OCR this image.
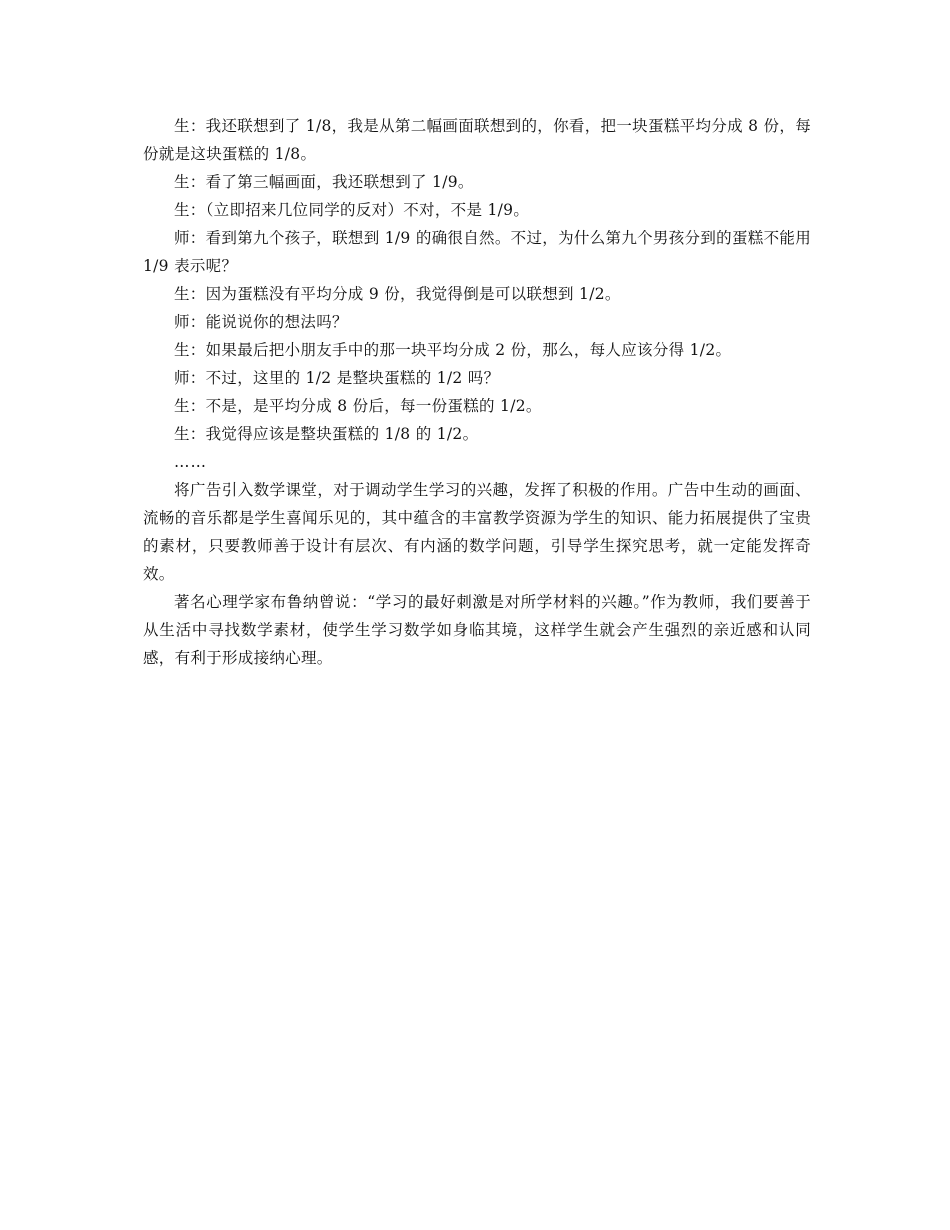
生：我还联想到了 1/8，我是从第二幅画面联想到的，你看，把一块蛋糕平均分成 8 份，每份就是这块蛋糕的 1/8。

生：看了第三幅画面，我还联想到了 1/9。

生：（立即招来几位同学的反对）不对，不是 1/9。

师：看到第九个孩子，联想到 1/9 的确很自然。不过，为什么第九个男孩分到的蛋糕不能用 1/9 表示呢？

生：因为蛋糕没有平均分成 9 份，我觉得倒是可以联想到 1/2。

师：能说说你的想法吗？

生：如果最后把小朋友手中的那一块平均分成 2 份，那么，每人应该分得 1/2。

师：不过，这里的 1/2 是整块蛋糕的 1/2 吗？

生：不是，是平均分成 8 份后，每一份蛋糕的 1/2。

生：我觉得应该是整块蛋糕的 1/8 的 1/2。

……

将广告引入数学课堂，对于调动学生学习的兴趣，发挥了积极的作用。广告中生动的画面、流畅的音乐都是学生喜闻乐见的，其中蕴含的丰富教学资源为学生的知识、能力拓展提供了宝贵的素材，只要教师善于设计有层次、有内涵的数学问题，引导学生探究思考，就一定能发挥奇效。

著名心理学家布鲁纳曾说：“学习的最好刺激是对所学材料的兴趣。”作为教师，我们要善于从生活中寻找数学素材，使学生学习数学如身临其境，这样学生就会产生强烈的亲近感和认同感，有利于形成接纳心理。
